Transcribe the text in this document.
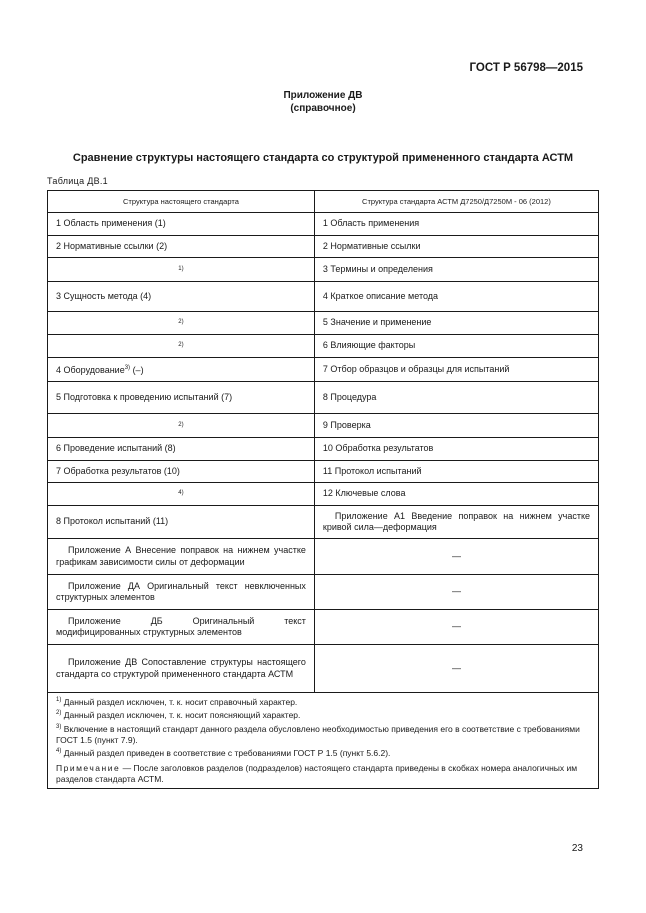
ГОСТ Р 56798—2015
Приложение ДВ
(справочное)
Сравнение структуры настоящего стандарта со структурой примененного стандарта АСТМ
Таблица ДВ.1
Структура настоящего стандарта	Структура стандарта АСТМ Д7250/Д7250М - 06 (2012)
1 Область применения (1)	1 Область применения
2 Нормативные ссылки (2)	2 Нормативные ссылки
1)	3 Термины и определения
3 Сущность метода (4)	4 Краткое описание метода
2)	5 Значение и применение
2)	6 Влияющие факторы
4 Оборудование$^{3)}$ (–)	7 Отбор образцов и образцы для испытаний
5 Подготовка к проведению испытаний (7)	8 Процедура
2)	9 Проверка
6 Проведение испытаний (8)	10 Обработка результатов
7 Обработка результатов (10)	11 Протокол испытаний
4)	12 Ключевые слова
8 Протокол испытаний (11)	Приложение А1 Введение поправок на нижнем участке кривой сила—деформация
Приложение А Внесение поправок на нижнем участке графикам зависимости силы от деформации	—
Приложение ДА Оригинальный текст невключенных структурных элементов	—
Приложение ДБ Оригинальный текст модифицированных структурных элементов	—
Приложение ДВ Сопоставление структуры настоящего стандарта со структурой примененного стандарта АСТМ	—

$^{1)}$ Данный раздел исключен, т. к. носит справочный характер.
$^{2)}$ Данный раздел исключен, т. к. носит поясняющий характер.
$^{3)}$ Включение в настоящий стандарт данного раздела обусловлено необходимостью приведения его в соответствие с требованиями ГОСТ 1.5 (пункт 7.9).
$^{4)}$ Данный раздел приведен в соответствие с требованиями ГОСТ Р 1.5 (пункт 5.6.2).
Примечание — После заголовков разделов (подразделов) настоящего стандарта приведены в скобках номера аналогичных им разделов стандарта АСТМ.	
23
